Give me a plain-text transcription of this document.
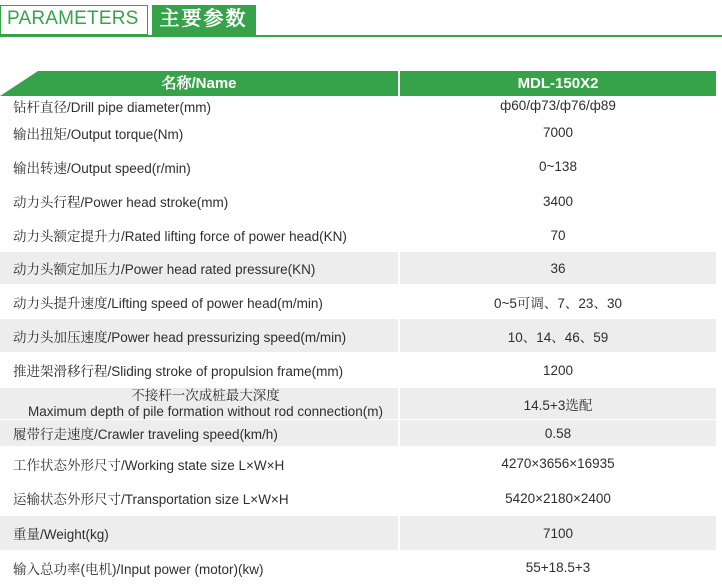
PARAMETERS	主要参数
名称/Name	MDL-150X2
钻杆直径/Drill pipe diameter(mm)	ф60/ф73/ф76/ф89
输出扭矩/Output torque(Nm)	7000
输出转速/Output speed(r/min)	0~138
动力头行程/Power head stroke(mm)	3400
动力头额定提升力/Rated lifting force of power head(KN)	70
动力头额定加压力/Power head rated pressure(KN)	36
动力头提升速度/Lifting speed of power head(m/min)	0~5可调、7、23、30
动力头加压速度/Power head pressurizing speed(m/min)	10、14、46、59
推进架滑移行程/Sliding stroke of propulsion frame(mm)	1200
不接杆一次成桩最大深度
Maximum depth of pile formation without rod connection(m)	14.5+3选配
履带行走速度/Crawler traveling speed(km/h)	0.58
工作状态外形尺寸/Working state size L×W×H	4270×3656×16935
运输状态外形尺寸/Transportation size L×W×H	5420×2180×2400
重量/Weight(kg)	7100
输入总功率(电机)/Input power (motor)(kw)	55+18.5+3
